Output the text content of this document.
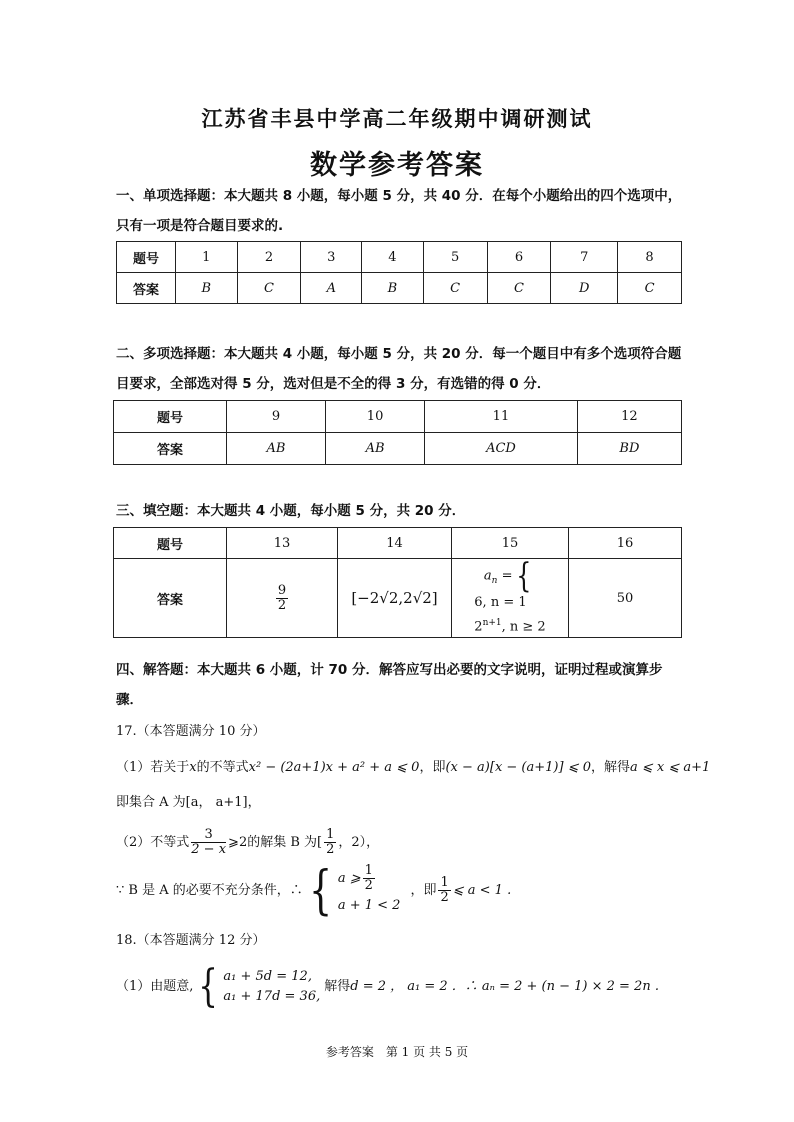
江苏省丰县中学高二年级期中调研测试
数学参考答案
一、单项选择题：本大题共 8 小题，每小题 5 分，共 40 分．在每个小题给出的四个选项中，
只有一项是符合题目要求的.
题号	1	2	3	4	5	6	7	8
答案	B	C	A	B	C	C	D	C
二、多项选择题：本大题共 4 小题，每小题 5 分，共 20 分．每一个题目中有多个选项符合题
目要求，全部选对得 5 分，选对但是不全的得 3 分，有选错的得 0 分．
题号	9	10	11	12
答案	AB	AB	ACD	BD
三、填空题：本大题共 4 小题，每小题 5 分，共 20 分．
题号	13	14	15	16
答案	$\frac{9}{2}$	[−2√2,2√2]	$a_n$ = {
6, n = 1
$2^{n+1}$, n ≥ 2	50
四、解答题：本大题共 6 小题，计 70 分．解答应写出必要的文字说明，证明过程或演算步
骤．
17.（本答题满分 10 分）
（1）若关于x的不等式x² − (2a+1)x + a² + a ⩽ 0，即(x − a)[x − (a+1)] ⩽ 0，解得a ⩽ x ⩽ a+1
即集合 A 为[a， a+1]，
（2）不等式 $\frac{3}{2 - x}$ ⩾2的解集 B 为[ $\frac{1}{2}$ ，2），
∵ B 是 A 的必要不充分条件，∴ { a ⩾ $\frac{1}{2}$
a + 1 < 2
，即 $\frac{1}{2}$ ⩽ a < 1 .
18.（本答题满分 12 分）
（1）由题意, { a₁ + 5d = 12,
a₁ + 17d = 36,
解得d = 2 ， a₁ = 2 ．∴ aₙ = 2 + (n − 1) × 2 = 2n .
参考答案　第 1 页 共 5 页
